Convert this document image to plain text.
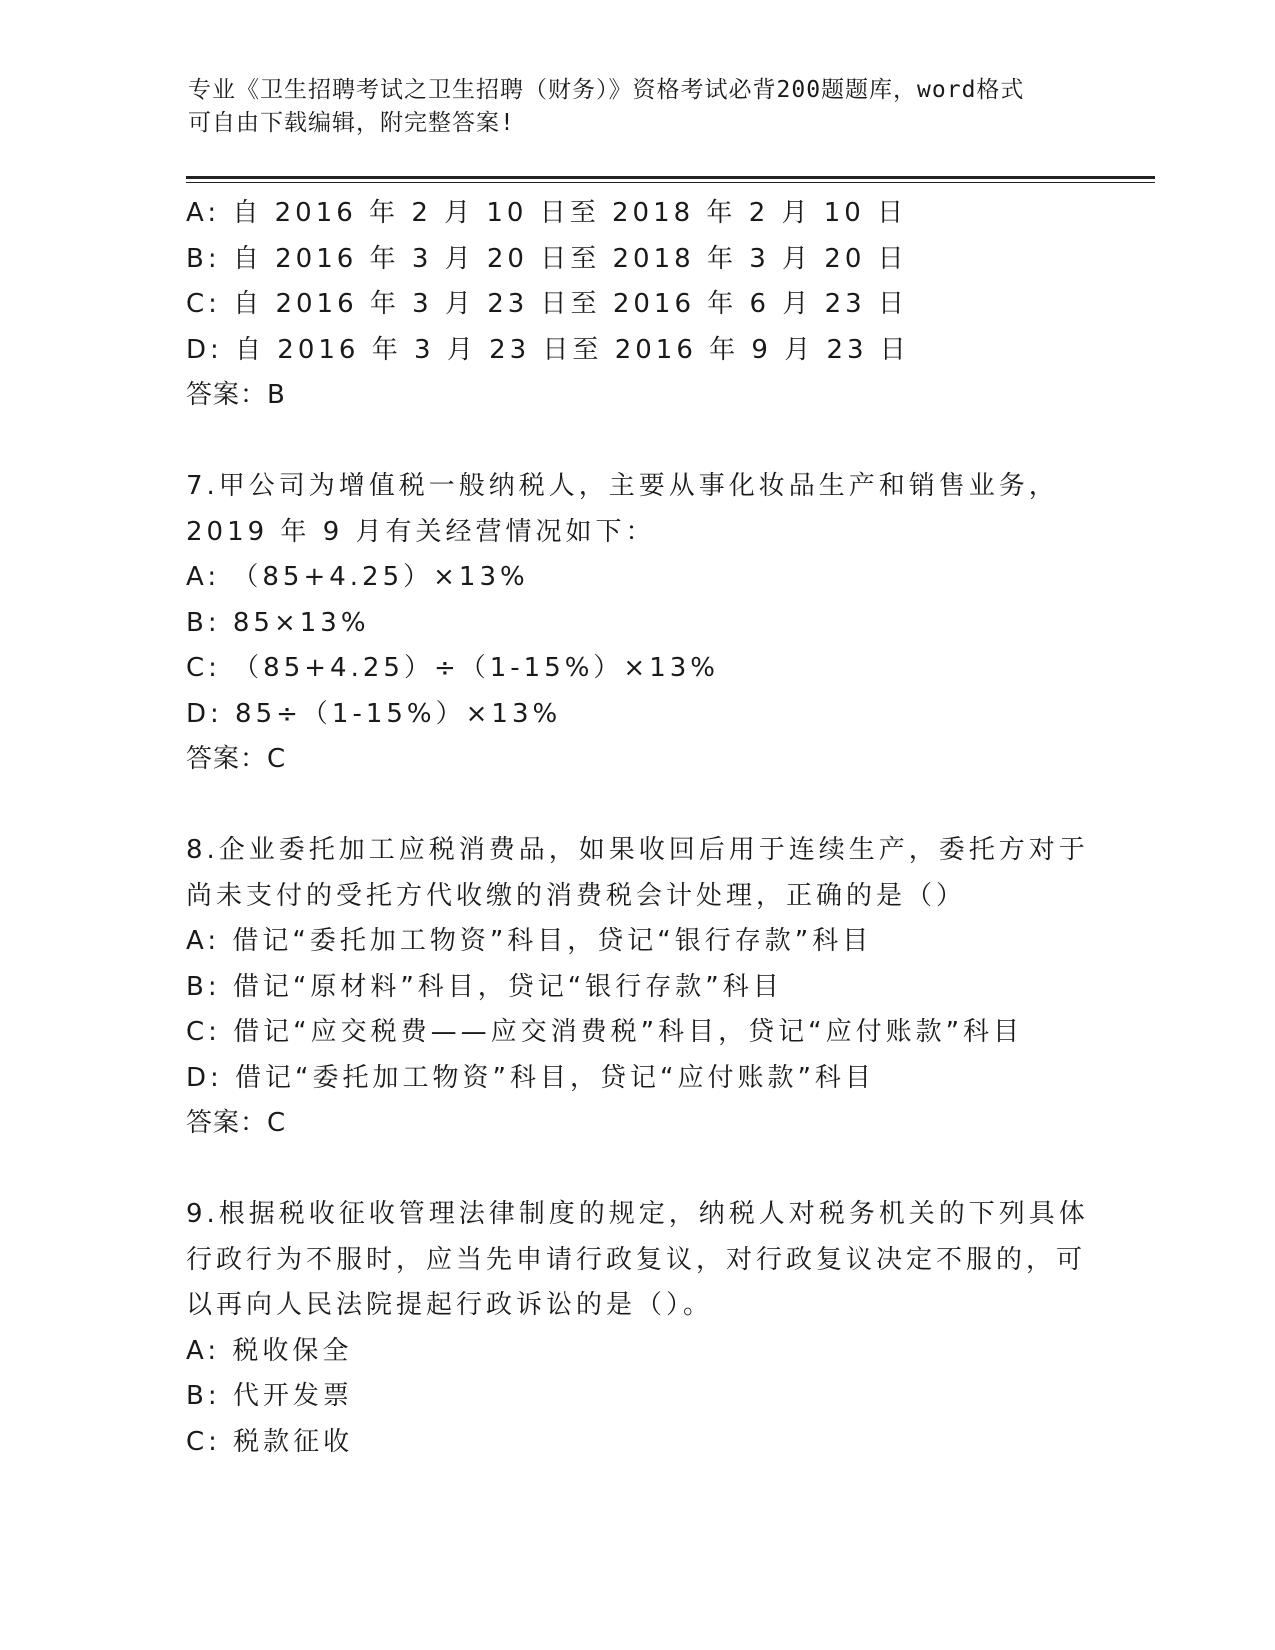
专业《卫生招聘考试之卫生招聘（财务）》资格考试必背200题题库，word格式

可自由下载编辑，附完整答案!

A: 自 2016 年 2 月 10 日至 2018 年 2 月 10 日
B: 自 2016 年 3 月 20 日至 2018 年 3 月 20 日
C: 自 2016 年 3 月 23 日至 2016 年 6 月 23 日
D: 自 2016 年 3 月 23 日至 2016 年 9 月 23 日
答案：B
7.甲公司为增值税一般纳税人，主要从事化妆品生产和销售业务，
2019 年 9 月有关经营情况如下：
A: （85+4.25）×13%
B: 85×13%
C: （85+4.25）÷（1-15%）×13%
D: 85÷（1-15%）×13%
答案：C
8.企业委托加工应税消费品，如果收回后用于连续生产，委托方对于
尚未支付的受托方代收缴的消费税会计处理，正确的是（）
A: 借记“委托加工物资”科目，贷记“银行存款”科目
B: 借记“原材料”科目，贷记“银行存款”科目
C: 借记“应交税费——应交消费税”科目，贷记“应付账款”科目
D: 借记“委托加工物资”科目，贷记“应付账款”科目
答案：C
9.根据税收征收管理法律制度的规定，纳税人对税务机关的下列具体
行政行为不服时，应当先申请行政复议，对行政复议决定不服的，可
以再向人民法院提起行政诉讼的是（）。
A: 税收保全
B: 代开发票
C: 税款征收
